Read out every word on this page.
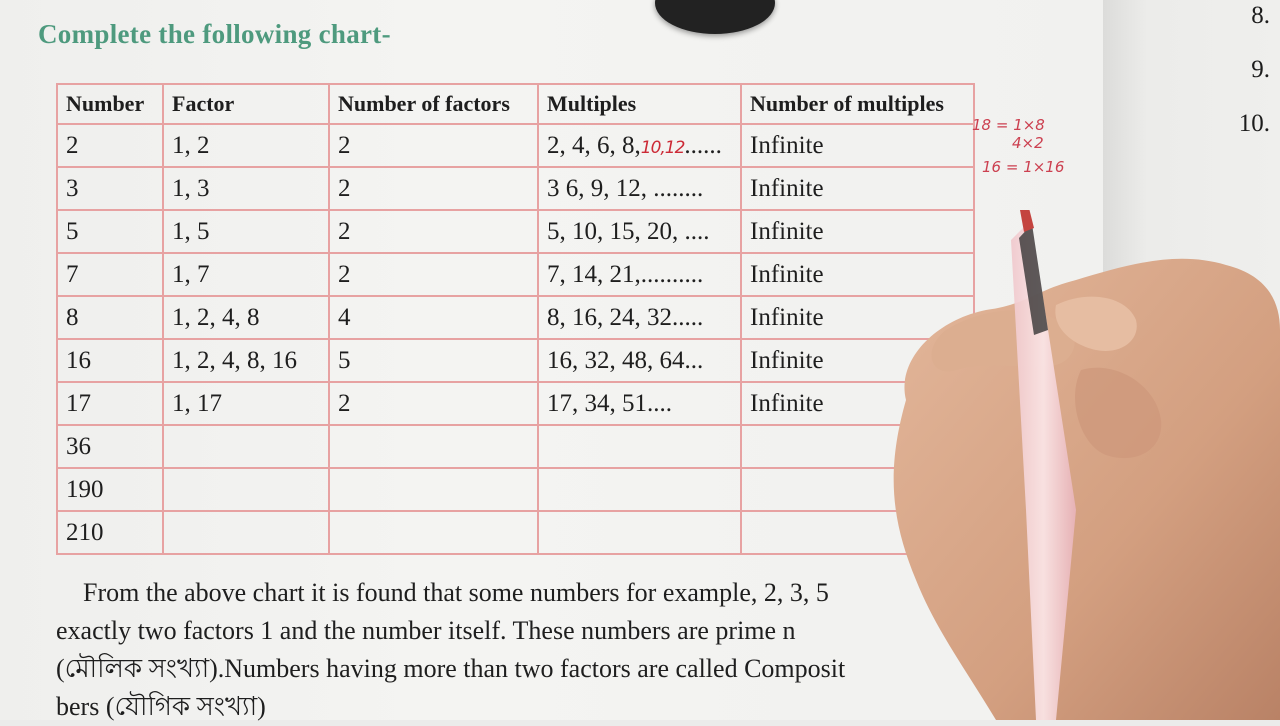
8.
9.
10.
Complete the following chart-
Number	Factor	Number of factors	Multiples	Number of multiples
2	1, 2	2	2, 4, 6, 8,10,12......	Infinite
3	1, 3	2	3 6, 9, 12, ........	Infinite
5	1, 5	2	5, 10, 15, 20, ....	Infinite
7	1, 7	2	7, 14, 21,..........	Infinite
8	1, 2, 4, 8	4	8, 16, 24, 32.....	Infinite
16	1, 2, 4, 8, 16	5	16, 32, 48, 64...	Infinite
17	1, 17	2	17, 34, 51....	Infinite
36				
190				
210				
18 = 1×8
4×2
16 = 1×16

From the above chart it is found that some numbers for example, 2, 3, 5

exactly two factors 1 and the number itself. These numbers are prime n

(মৌলিক সংখ্যা).Numbers having more than two factors are called Composit

bers (যৌগিক সংখ্যা)
